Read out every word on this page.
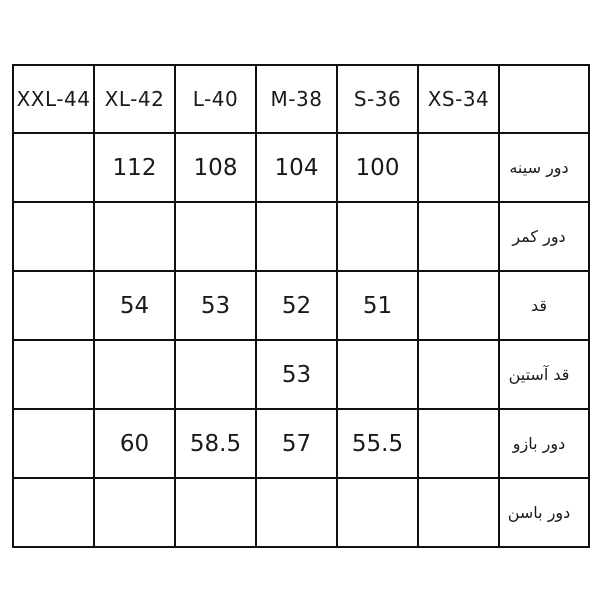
XXL-44	XL-42	L-40	M-38	S-36	XS-34	
	112	108	104	100		دور سینه
						دور کمر
	54	53	52	51		قد
			53			قد آستین
	60	58.5	57	55.5		دور بازو
						دور باسن
